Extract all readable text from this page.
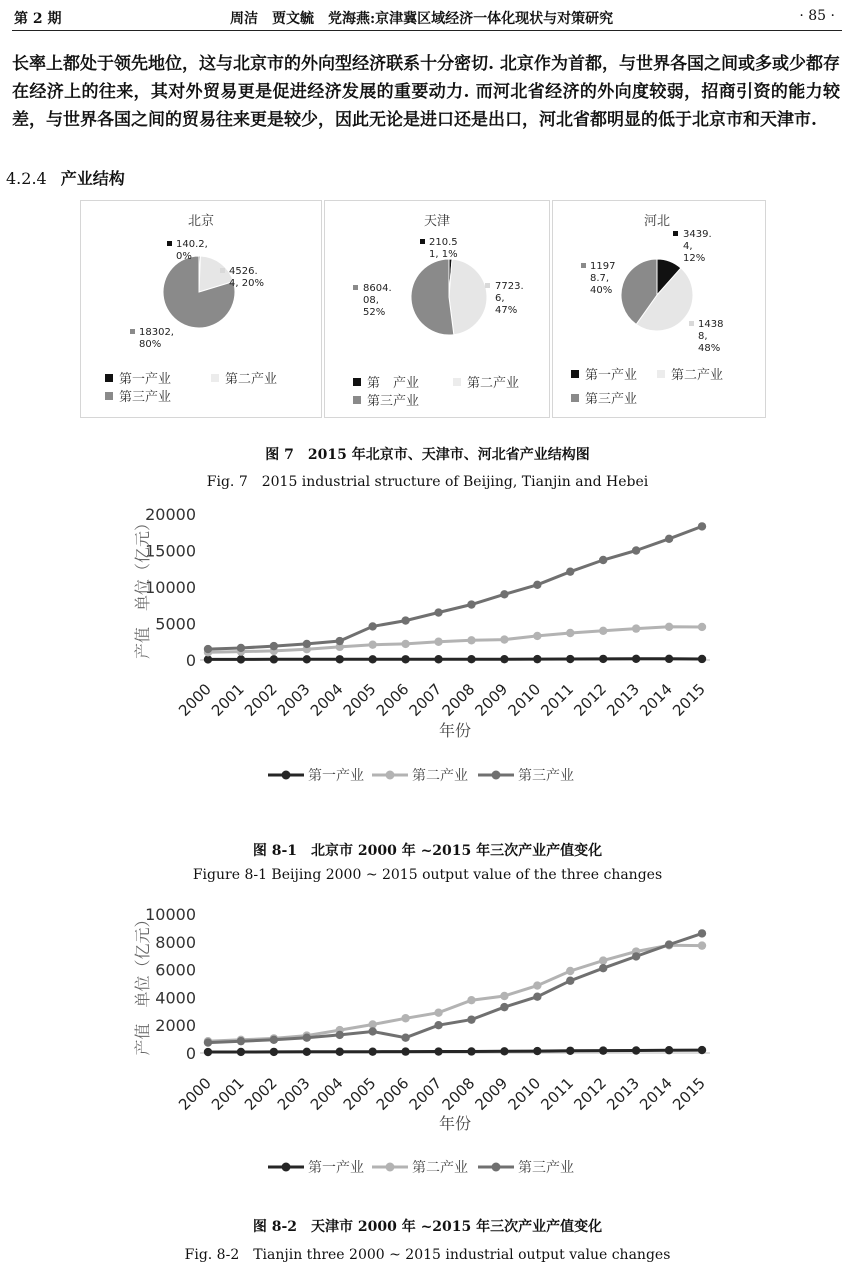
第 2 期	周洁　贾文毓　党海燕:京津冀区域经济一体化现状与对策研究	· 85 ·
长率上都处于领先地位，这与北京市的外向型经济联系十分密切. 北京作为首都，与世界各国之间或多或少都存在经济上的往来，其对外贸易更是促进经济发展的重要动力. 而河北省经济的外向度较弱，招商引资的能力较差，与世界各国之间的贸易往来更是较少，因此无论是进口还是出口，河北省都明显的低于北京市和天津市.
4.2.4 产业结构
北京
140.2, 0%
4526. 4, 20%
18302, 80%
第一产业	第二产业
第三产业
天津
210.5 1, 1%
7723. 6, 47%
8604. 08, 52%
第　产业	第二产业
第三产业
河北
3439. 4, 12%
1438 8, 48%
1197 8.7, 40%
第一产业	第二产业
第三产业
图 7　2015 年北京市、天津市、河北省产业结构图
Fig. 7　2015 industrial structure of Beijing, Tianjin and Hebei
0
5000
10000
15000
20000
2000
2001
2002
2003
2004
2005
2006
2007
2008
2009
2010
2011
2012
2013
2014
2015
产值　单位（亿元）
年份
第一产业	第二产业	第三产业
图 8-1　北京市 2000 年 ~2015 年三次产业产值变化
Figure 8-1 Beijing 2000 ~ 2015 output value of the three changes
0
2000
4000
6000
8000
10000
2000
2001
2002
2003
2004
2005
2006
2007
2008
2009
2010
2011
2012
2013
2014
2015
产值　单位（亿元）
年份
第一产业	第二产业	第三产业
图 8-2　天津市 2000 年 ~2015 年三次产业产值变化
Fig. 8-2　Tianjin three 2000 ~ 2015 industrial output value changes
